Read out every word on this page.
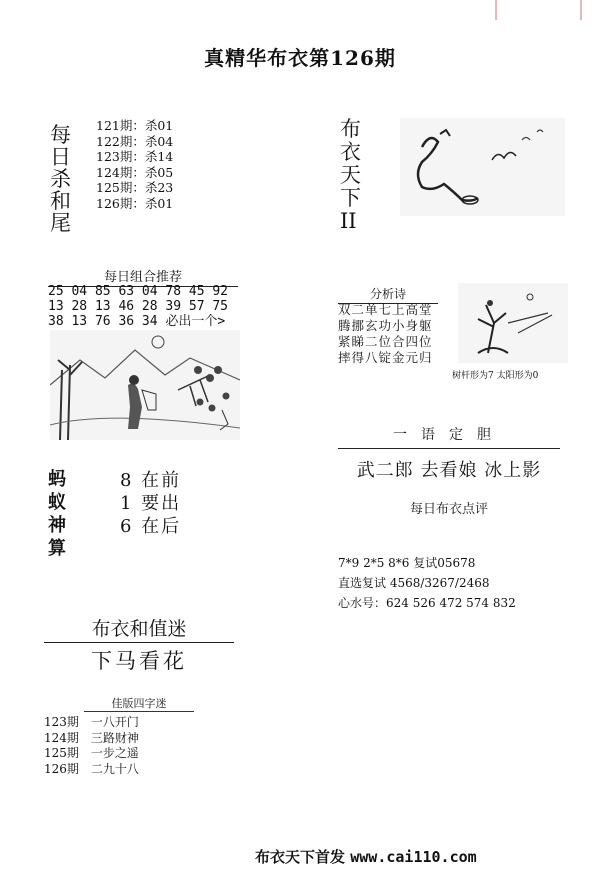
真精华布衣第126期
每
日
杀
和
尾
121期：杀01
122期：杀04
123期：杀14
124期：杀05
125期：杀23
126期：杀01
每日组合推荐
25 04 85 63 04 78 45 92
13 28 13 46 28 39 57 75
38 13 76 36 34 必出一个>
蚂
蚁
神
算
8 在前
1 要出
6 在后
布衣和值迷
下马看花
佳版四字迷
123期　一八开门
124期　三路财神
125期　一步之遥
126期　二九十八
布
衣
天
下
II
分析诗
双二单七上高堂
腾挪玄功小身躯
紧睇二位合四位
摔得八锭金元归
树杆形为7 太阳形为0
一语定胆
武二郎 去看娘 冰上影
每日布衣点评
7*9 2*5 8*6 复试05678
直选复试 4568/3267/2468
心水号：624 526 472 574 832
布衣天下首发 www.cai110.com
